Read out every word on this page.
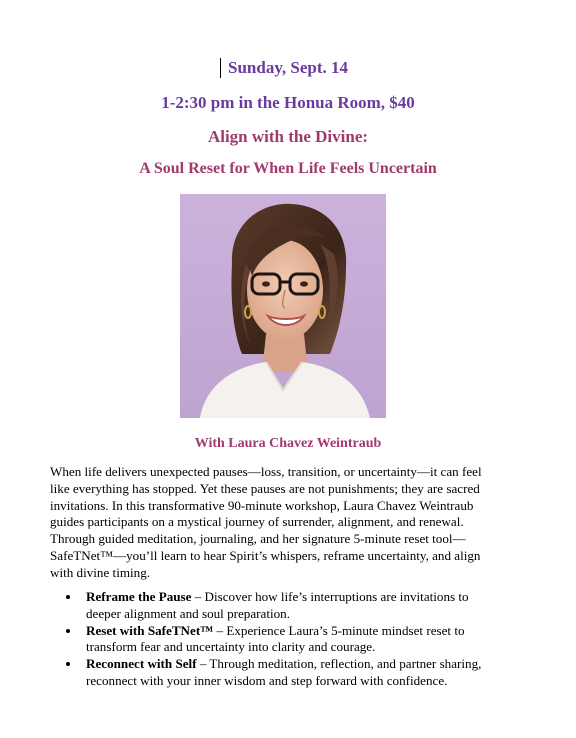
Sunday, Sept. 14
1-2:30 pm in the Honua Room, $40
Align with the Divine:
A Soul Reset for When Life Feels Uncertain
With Laura Chavez Weintraub
When life delivers unexpected pauses—loss, transition, or uncertainty—it can feel
like everything has stopped. Yet these pauses are not punishments; they are sacred
invitations. In this transformative 90-minute workshop, Laura Chavez Weintraub
guides participants on a mystical journey of surrender, alignment, and renewal.
Through guided meditation, journaling, and her signature 5-minute reset tool—
SafeTNet™—you’ll learn to hear Spirit’s whispers, reframe uncertainty, and align
with divine timing.
Reframe the Pause – Discover how life’s interruptions are invitations to
deeper alignment and soul preparation.
Reset with SafeTNet™ – Experience Laura’s 5-minute mindset reset to
transform fear and uncertainty into clarity and courage.
Reconnect with Self – Through meditation, reflection, and partner sharing,
reconnect with your inner wisdom and step forward with confidence.
